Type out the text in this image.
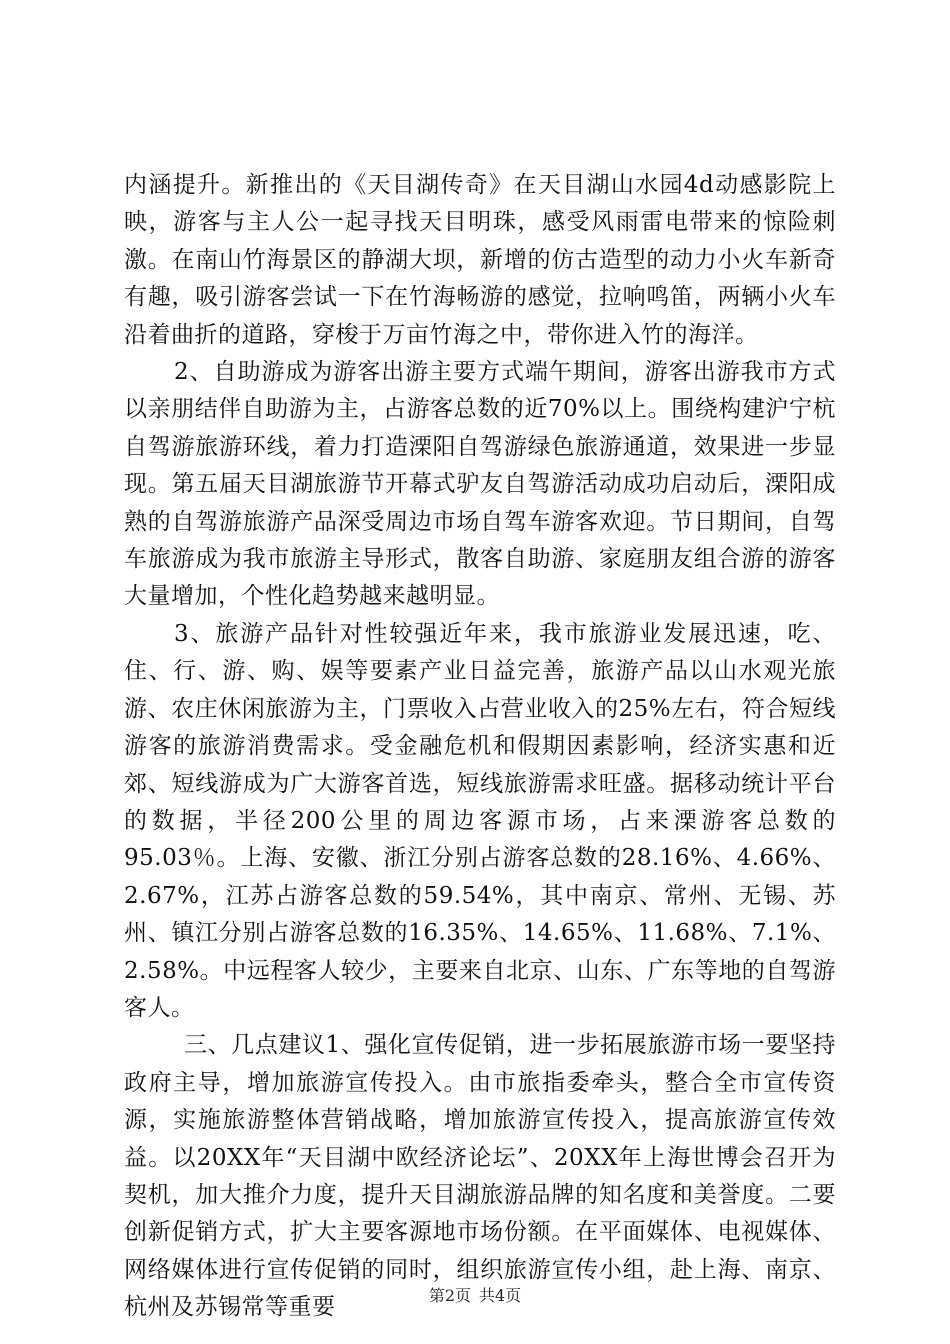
内涵提升。新推出的《天目湖传奇》在天目湖山水园4d动感影院上映，游客与主人公一起寻找天目明珠，感受风雨雷电带来的惊险刺激。在南山竹海景区的静湖大坝，新增的仿古造型的动力小火车新奇有趣，吸引游客尝试一下在竹海畅游的感觉，拉响鸣笛，两辆小火车沿着曲折的道路，穿梭于万亩竹海之中，带你进入竹的海洋。

2、自助游成为游客出游主要方式端午期间，游客出游我市方式以亲朋结伴自助游为主，占游客总数的近70%以上。围绕构建沪宁杭自驾游旅游环线，着力打造溧阳自驾游绿色旅游通道，效果进一步显现。第五届天目湖旅游节开幕式驴友自驾游活动成功启动后，溧阳成熟的自驾游旅游产品深受周边市场自驾车游客欢迎。节日期间，自驾车旅游成为我市旅游主导形式，散客自助游、家庭朋友组合游的游客大量增加，个性化趋势越来越明显。

3、旅游产品针对性较强近年来，我市旅游业发展迅速，吃、住、行、游、购、娱等要素产业日益完善，旅游产品以山水观光旅游、农庄休闲旅游为主，门票收入占营业收入的25%左右，符合短线游客的旅游消费需求。受金融危机和假期因素影响，经济实惠和近郊、短线游成为广大游客首选，短线旅游需求旺盛。据移动统计平台的数据，半径200公里的周边客源市场，占来溧游客总数的95.03％。上海、安徽、浙江分别占游客总数的28.16%、4.66%、2.67%，江苏占游客总数的59.54%，其中南京、常州、无锡、苏州、镇江分别占游客总数的16.35%、14.65%、11.68%、7.1%、2.58%。中远程客人较少，主要来自北京、山东、广东等地的自驾游客人。

三、几点建议1、强化宣传促销，进一步拓展旅游市场一要坚持政府主导，增加旅游宣传投入。由市旅指委牵头，整合全市宣传资源，实施旅游整体营销战略，增加旅游宣传投入，提高旅游宣传效益。以20XX年“天目湖中欧经济论坛”、20XX年上海世博会召开为契机，加大推介力度，提升天目湖旅游品牌的知名度和美誉度。二要创新促销方式，扩大主要客源地市场份额。在平面媒体、电视媒体、网络媒体进行宣传促销的同时，组织旅游宣传小组，赴上海、南京、杭州及苏锡常等重要	第2页 共4页
